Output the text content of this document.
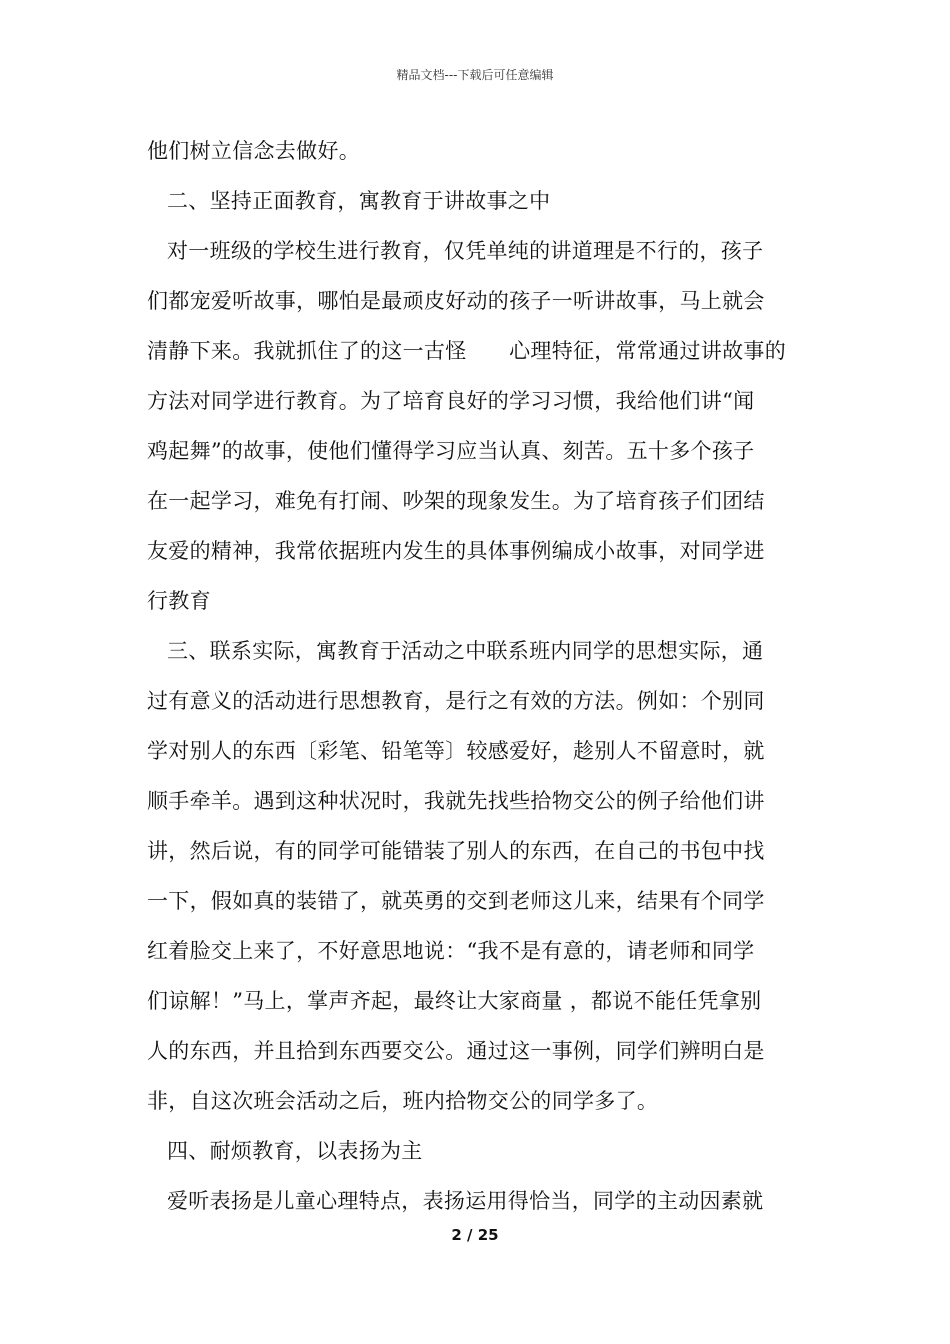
精品文档---下载后可任意编辑
他们树立信念去做好。
二、坚持正面教育，寓教育于讲故事之中
对一班级的学校生进行教育，仅凭单纯的讲道理是不行的，孩子
们都宠爱听故事，哪怕是最顽皮好动的孩子一听讲故事，马上就会
清静下来。我就抓住了的这一古怪　　心理特征，常常通过讲故事的
方法对同学进行教育。为了培育良好的学习习惯，我给他们讲“闻
鸡起舞”的故事，使他们懂得学习应当认真、刻苦。五十多个孩子
在一起学习，难免有打闹、吵架的现象发生。为了培育孩子们团结
友爱的精神，我常依据班内发生的具体事例编成小故事，对同学进
行教育
三、联系实际，寓教育于活动之中联系班内同学的思想实际，通
过有意义的活动进行思想教育，是行之有效的方法。例如：个别同
学对别人的东西〔彩笔、铅笔等〕较感爱好，趁别人不留意时，就
顺手牵羊。遇到这种状况时，我就先找些拾物交公的例子给他们讲
讲，然后说，有的同学可能错装了别人的东西，在自己的书包中找
一下，假如真的装错了，就英勇的交到老师这儿来，结果有个同学
红着脸交上来了，不好意思地说：“我不是有意的，请老师和同学
们谅解！”马上，掌声齐起，最终让大家商量 ，都说不能任凭拿别
人的东西，并且拾到东西要交公。通过这一事例，同学们辨明白是
非，自这次班会活动之后，班内拾物交公的同学多了。
四、耐烦教育，以表扬为主
爱听表扬是儿童心理特点，表扬运用得恰当，同学的主动因素就
2 / 25
